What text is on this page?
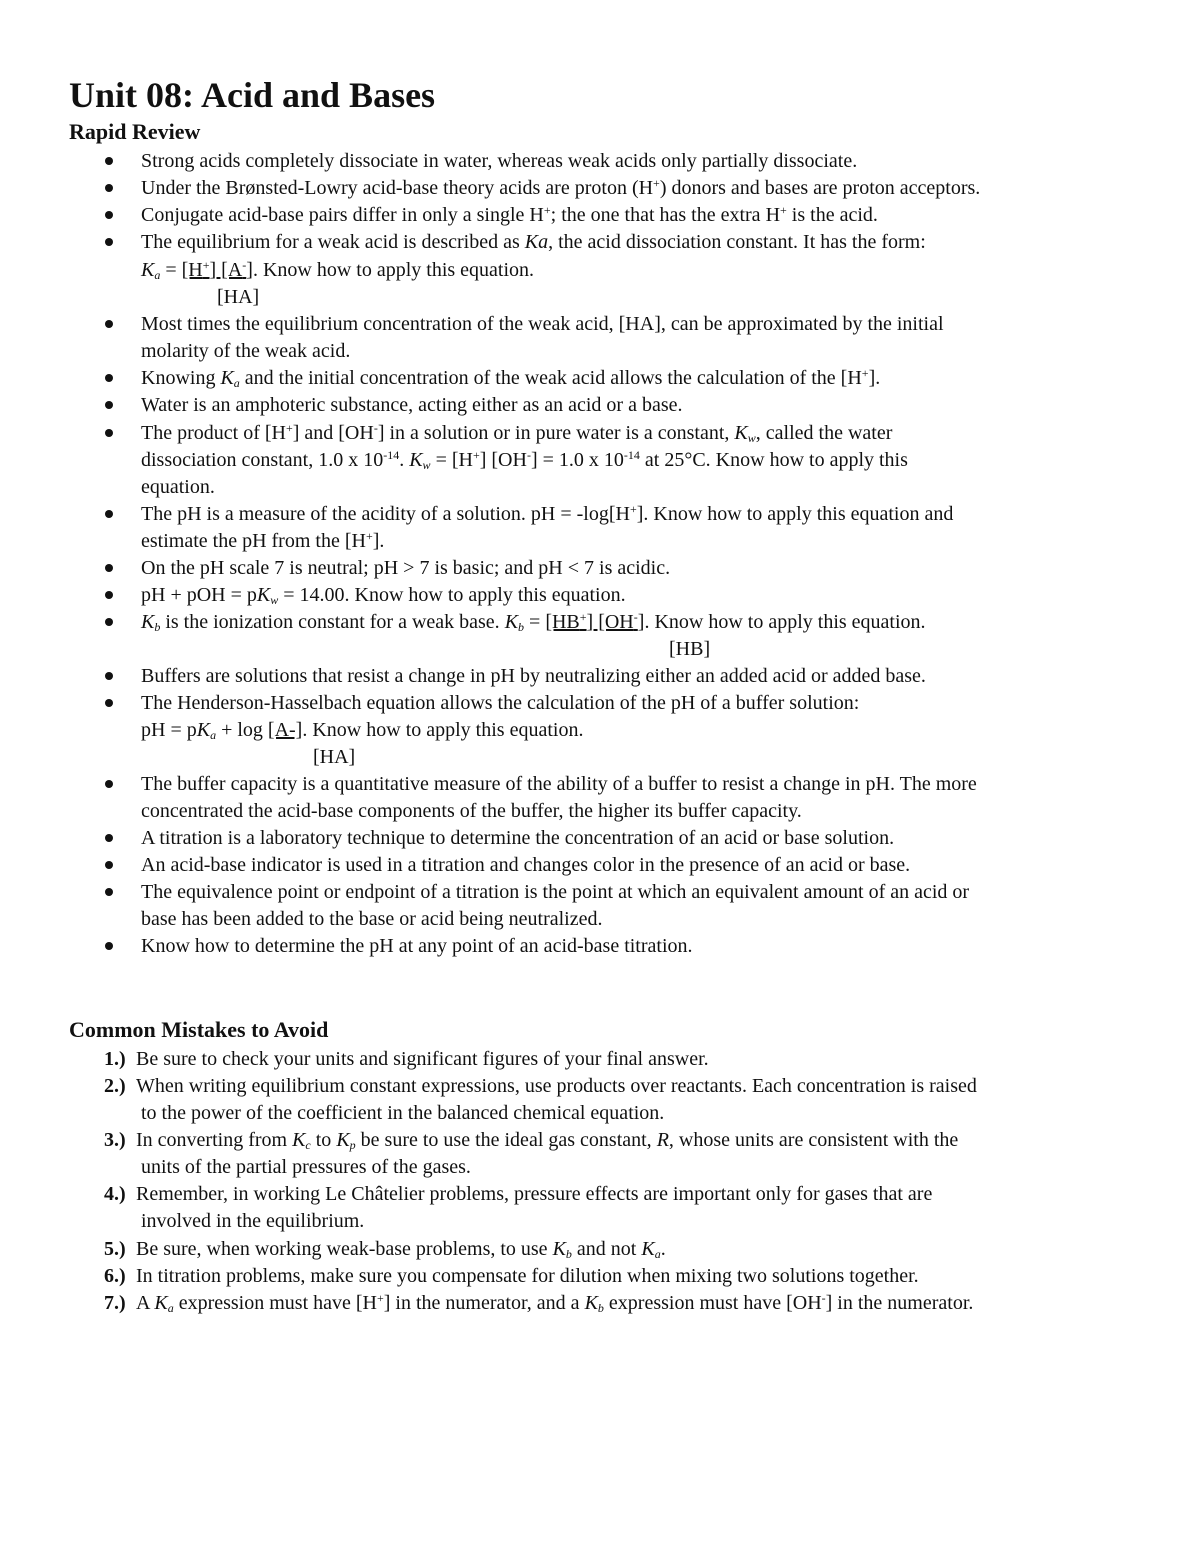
Unit 08: Acid and Bases
Rapid Review
Strong acids completely dissociate in water, whereas weak acids only partially dissociate.
Under the Brønsted-Lowry acid-base theory acids are proton (H+) donors and bases are proton acceptors.
Conjugate acid-base pairs differ in only a single H+; the one that has the extra H+ is the acid.
The equilibrium for a weak acid is described as Ka, the acid dissociation constant. It has the form:
$K_a = [H^+]$ [A-]. Know how to apply this equation.
[HA]
Most times the equilibrium concentration of the weak acid, [HA], can be approximated by the initial
molarity of the weak acid.
Knowing $K_a$ and the initial concentration of the weak acid allows the calculation of the [H+].
Water is an amphoteric substance, acting either as an acid or a base.
The product of [H+] and [OH-] in a solution or in pure water is a constant, $K_w$, called the water
dissociation constant, 1.0 x $10^{-14}$. $K_w = [H^+] [OH^-] = 1.0$ x $10^{-14}$ at 25°C. Know how to apply this
equation.
The pH is a measure of the acidity of a solution. pH = -log[H+]. Know how to apply this equation and
estimate the pH from the [H+].
On the pH scale 7 is neutral; pH > 7 is basic; and pH < 7 is acidic.
pH + pOH = $pK_w = 14.00$. Know how to apply this equation.
$K_b$ is the ionization constant for a weak base. $K_b = [HB^+]$ [OH-]. Know how to apply this equation.
[HB]
Buffers are solutions that resist a change in pH by neutralizing either an added acid or added base.
The Henderson-Hasselbach equation allows the calculation of the pH of a buffer solution:
pH = $pK_a + \log [A-]$. Know how to apply this equation.
[HA]
The buffer capacity is a quantitative measure of the ability of a buffer to resist a change in pH. The more
concentrated the acid-base components of the buffer, the higher its buffer capacity.
A titration is a laboratory technique to determine the concentration of an acid or base solution.
An acid-base indicator is used in a titration and changes color in the presence of an acid or base.
The equivalence point or endpoint of a titration is the point at which an equivalent amount of an acid or
base has been added to the base or acid being neutralized.
Know how to determine the pH at any point of an acid-base titration.
Common Mistakes to Avoid
1.) Be sure to check your units and significant figures of your final answer.
2.) When writing equilibrium constant expressions, use products over reactants. Each concentration is raised
to the power of the coefficient in the balanced chemical equation.
3.) In converting from $K_c$ to $K_p$ be sure to use the ideal gas constant, R, whose units are consistent with the
units of the partial pressures of the gases.
4.) Remember, in working Le Châtelier problems, pressure effects are important only for gases that are
involved in the equilibrium.
5.) Be sure, when working weak-base problems, to use $K_b$ and not $K_a$.
6.) In titration problems, make sure you compensate for dilution when mixing two solutions together.
7.) A $K_a$ expression must have [H+] in the numerator, and a $K_b$ expression must have [OH-] in the numerator.
